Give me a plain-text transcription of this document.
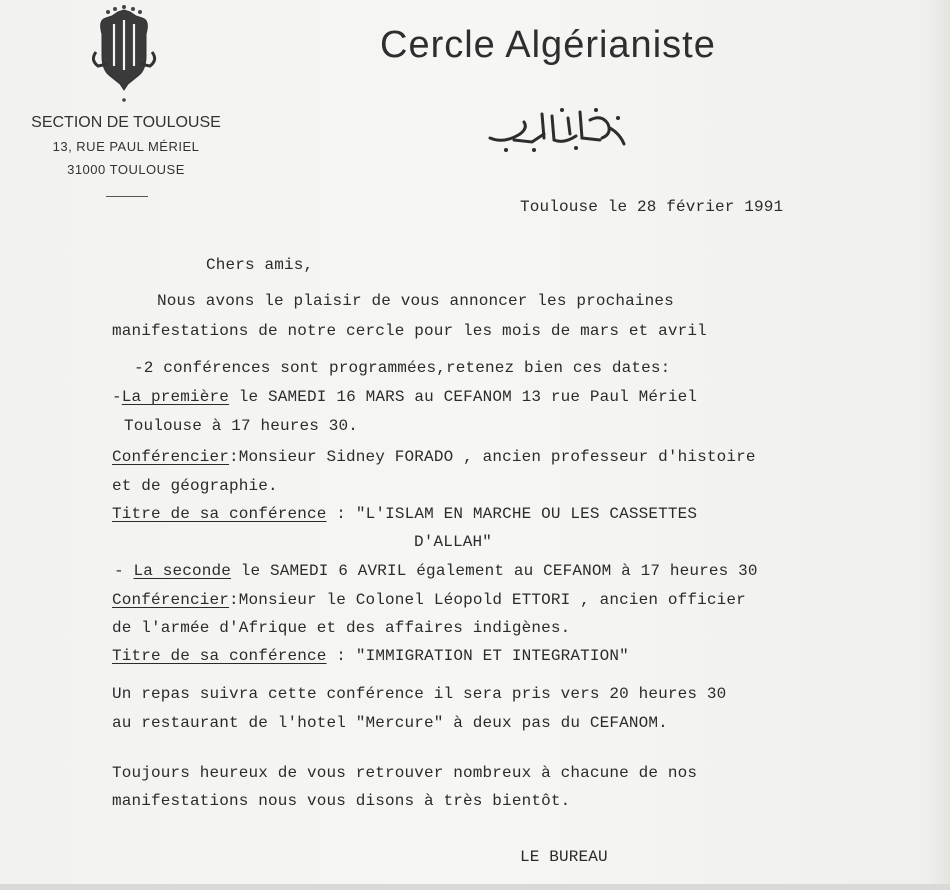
SECTION DE TOULOUSE
13, RUE PAUL MÉRIEL
31000 TOULOUSE
Cercle Algérianiste
Toulouse le 28 février 1991
Chers amis,
Nous avons le plaisir de vous annoncer les prochaines
manifestations de notre cercle pour les mois de mars et avril
-2 conférences sont programmées,retenez bien ces dates:
-La première le SAMEDI 16 MARS au CEFANOM 13 rue Paul Mériel
Toulouse à 17 heures 30.
Conférencier:Monsieur Sidney FORADO , ancien professeur d'histoire
et de géographie.
Titre de sa conférence : "L'ISLAM EN MARCHE OU LES CASSETTES
D'ALLAH"
- La seconde le SAMEDI 6 AVRIL également au CEFANOM à 17 heures 30
Conférencier:Monsieur le Colonel Léopold ETTORI , ancien officier
de l'armée d'Afrique et des affaires indigènes.
Titre de sa conférence : "IMMIGRATION ET INTEGRATION"
Un repas suivra cette conférence il sera pris vers 20 heures 30
au restaurant de l'hotel "Mercure" à deux pas du CEFANOM.
Toujours heureux de vous retrouver nombreux à chacune de nos
manifestations nous vous disons à très bientôt.
LE BUREAU
